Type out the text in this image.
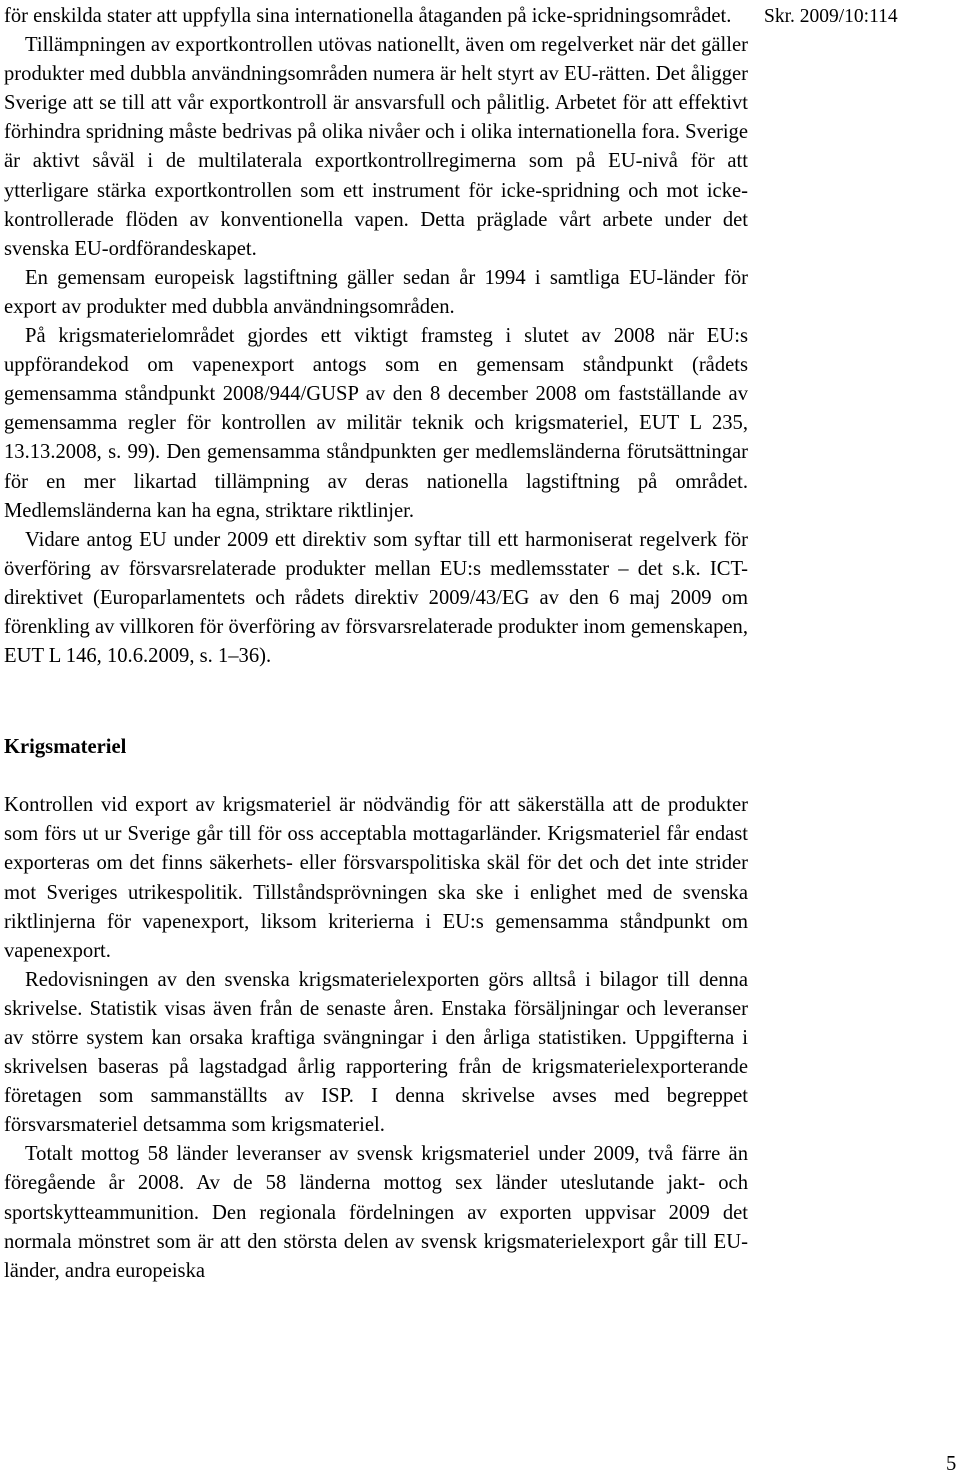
Skr. 2009/10:114

för enskilda stater att uppfylla sina internationella åtaganden på icke-spridningsområdet.

Tillämpningen av exportkontrollen utövas nationellt, även om regelverket när det gäller produkter med dubbla användningsområden numera är helt styrt av EU-rätten. Det åligger Sverige att se till att vår exportkontroll är ansvarsfull och pålitlig. Arbetet för att effektivt förhindra spridning måste bedrivas på olika nivåer och i olika internationella fora. Sverige är aktivt såväl i de multilaterala exportkontrollregimerna som på EU-nivå för att ytterligare stärka exportkontrollen som ett instrument för icke-spridning och mot icke-kontrollerade flöden av konventionella vapen. Detta präglade vårt arbete under det svenska EU-ordförandeskapet.

En gemensam europeisk lagstiftning gäller sedan år 1994 i samtliga EU-länder för export av produkter med dubbla användningsområden.

På krigsmaterielområdet gjordes ett viktigt framsteg i slutet av 2008 när EU:s uppförandekod om vapenexport antogs som en gemensam ståndpunkt (rådets gemensamma ståndpunkt 2008/944/GUSP av den 8 december 2008 om fastställande av gemensamma regler för kontrollen av militär teknik och krigsmateriel, EUT L 235, 13.13.2008, s. 99). Den gemensamma ståndpunkten ger medlemsländerna förutsättningar för en mer likartad tillämpning av deras nationella lagstiftning på området. Medlemsländerna kan ha egna, striktare riktlinjer.

Vidare antog EU under 2009 ett direktiv som syftar till ett harmoniserat regelverk för överföring av försvarsrelaterade produkter mellan EU:s medlemsstater – det s.k. ICT-direktivet (Europarlamentets och rådets direktiv 2009/43/EG av den 6 maj 2009 om förenkling av villkoren för överföring av försvarsrelaterade produkter inom gemenskapen, EUT L 146, 10.6.2009, s. 1–36).

Krigsmateriel

Kontrollen vid export av krigsmateriel är nödvändig för att säkerställa att de produkter som förs ut ur Sverige går till för oss acceptabla mottagarländer. Krigsmateriel får endast exporteras om det finns säkerhets- eller försvarspolitiska skäl för det och det inte strider mot Sveriges utrikespolitik. Tillståndsprövningen ska ske i enlighet med de svenska riktlinjerna för vapenexport, liksom kriterierna i EU:s gemensamma ståndpunkt om vapenexport.

Redovisningen av den svenska krigsmaterielexporten görs alltså i bilagor till denna skrivelse. Statistik visas även från de senaste åren. Enstaka försäljningar och leveranser av större system kan orsaka kraftiga svängningar i den årliga statistiken. Uppgifterna i skrivelsen baseras på lagstadgad årlig rapportering från de krigsmaterielexporterande företagen som sammanställts av ISP. I denna skrivelse avses med begreppet försvarsmateriel detsamma som krigsmateriel.

Totalt mottog 58 länder leveranser av svensk krigsmateriel under 2009, två färre än föregående år 2008. Av de 58 länderna mottog sex länder uteslutande jakt- och sportskytteammunition. Den regionala fördelningen av exporten uppvisar 2009 det normala mönstret som är att den största delen av svensk krigsmaterielexport går till EU-länder, andra europeiska

5
